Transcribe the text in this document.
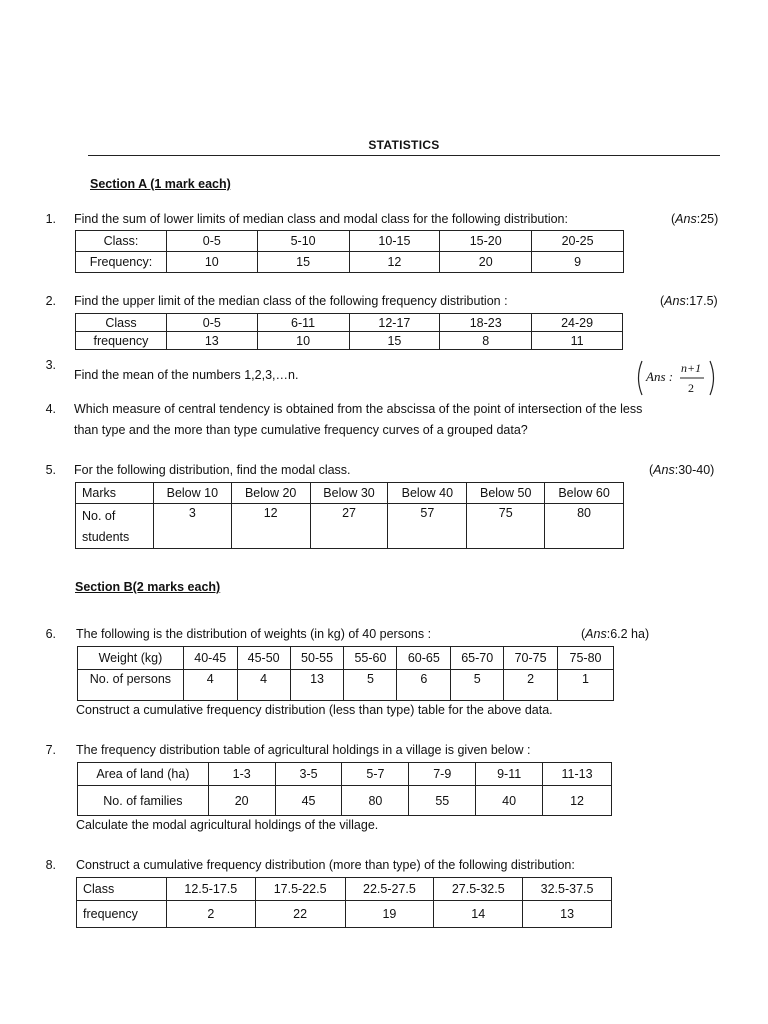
STATISTICS
Section A (1 mark each)
1. Find the sum of lower limits of median class and modal class for the following distribution:	(Ans:25)
Class:	0-5	5-10	10-15	15-20	20-25
Frequency:	10	15	12	20	9
2. Find the upper limit of the median class of the following frequency distribution :	(Ans:17.5)
Class	0-5	6-11	12-17	18-23	24-29
frequency	13	10	15	8	11
3.
Find the mean of the numbers 1,2,3,…n.	Ans :
n+1
2
4. Which measure of central tendency is obtained from the abscissa of the point of intersection of the less
than type and the more than type cumulative frequency curves of a grouped data?
5. For the following distribution, find the modal class.	(Ans:30-40)
Marks	Below 10	Below 20	Below 30	Below 40	Below 50	Below 60
No. of
students	3	12	27	57	75	80
Section B(2 marks each)
6. The following is the distribution of weights (in kg) of 40 persons :	(Ans:6.2 ha)
Weight (kg)	40-45	45-50	50-55	55-60	60-65	65-70	70-75	75-80
No. of persons	4	4	13	5	6	5	2	1
Construct a cumulative frequency distribution (less than type) table for the above data.
7. The frequency distribution table of agricultural holdings in a village is given below :
Area of land (ha)	1-3	3-5	5-7	7-9	9-11	11-13
No. of families	20	45	80	55	40	12
Calculate the modal agricultural holdings of the village.
8. Construct a cumulative frequency distribution (more than type) of the following distribution:
Class	12.5-17.5	17.5-22.5	22.5-27.5	27.5-32.5	32.5-37.5
frequency	2	22	19	14	13
